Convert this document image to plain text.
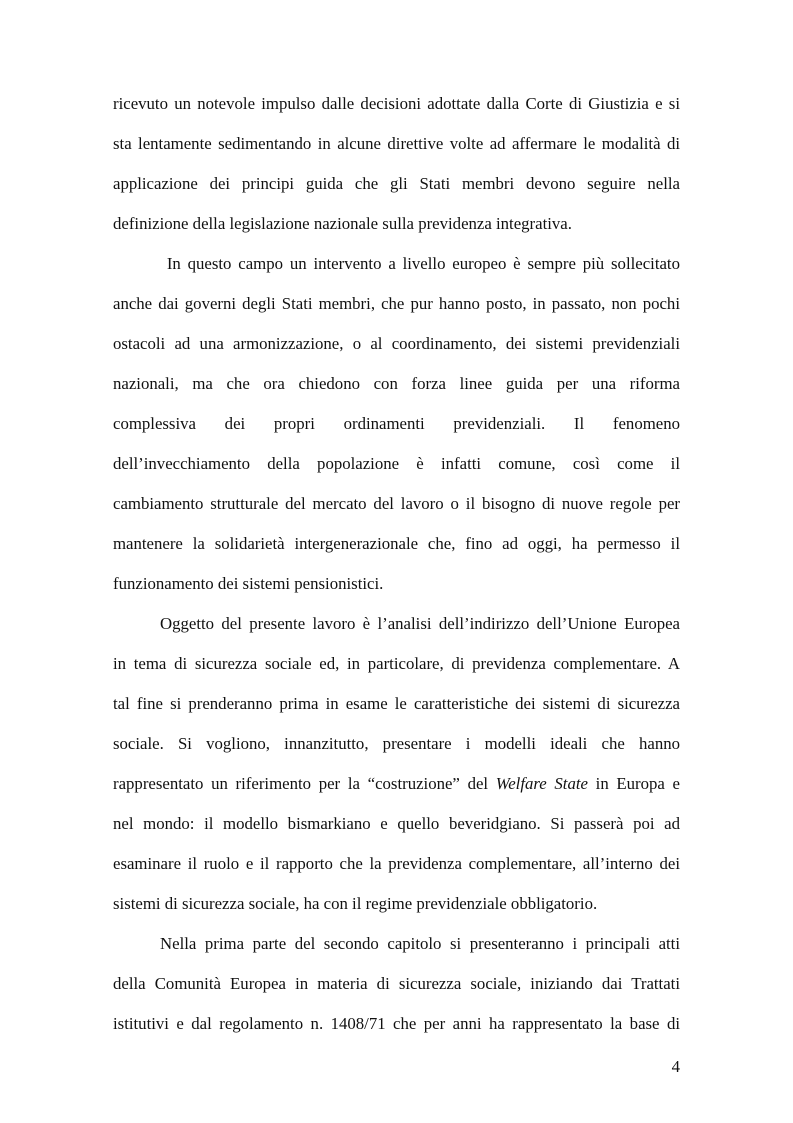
ricevuto un notevole impulso dalle decisioni adottate dalla Corte di Giustizia e si
sta lentamente sedimentando in alcune direttive volte ad affermare le modalità di
applicazione dei principi guida che gli Stati membri devono seguire nella
definizione della legislazione nazionale sulla previdenza integrativa.
In questo campo un intervento a livello europeo è sempre più sollecitato
anche dai governi degli Stati membri, che pur hanno posto, in passato, non pochi
ostacoli ad una armonizzazione, o al coordinamento, dei sistemi previdenziali
nazionali, ma che ora chiedono con forza linee guida per una riforma
complessiva dei propri ordinamenti previdenziali. Il fenomeno
dell’invecchiamento della popolazione è infatti comune, così come il
cambiamento strutturale del mercato del lavoro o il bisogno di nuove regole per
mantenere la solidarietà intergenerazionale che, fino ad oggi, ha permesso il
funzionamento dei sistemi pensionistici.
Oggetto del presente lavoro è l’analisi dell’indirizzo dell’Unione Europea
in tema di sicurezza sociale ed, in particolare, di previdenza complementare. A
tal fine si prenderanno prima in esame le caratteristiche dei sistemi di sicurezza
sociale. Si vogliono, innanzitutto, presentare i modelli ideali che hanno
rappresentato un riferimento per la “costruzione” del Welfare State in Europa e
nel mondo: il modello bismarkiano e quello beveridgiano. Si passerà poi ad
esaminare il ruolo e il rapporto che la previdenza complementare, all’interno dei
sistemi di sicurezza sociale, ha con il regime previdenziale obbligatorio.
Nella prima parte del secondo capitolo si presenteranno i principali atti
della Comunità Europea in materia di sicurezza sociale, iniziando dai Trattati
istitutivi e dal regolamento n. 1408/71 che per anni ha rappresentato la base di
4
